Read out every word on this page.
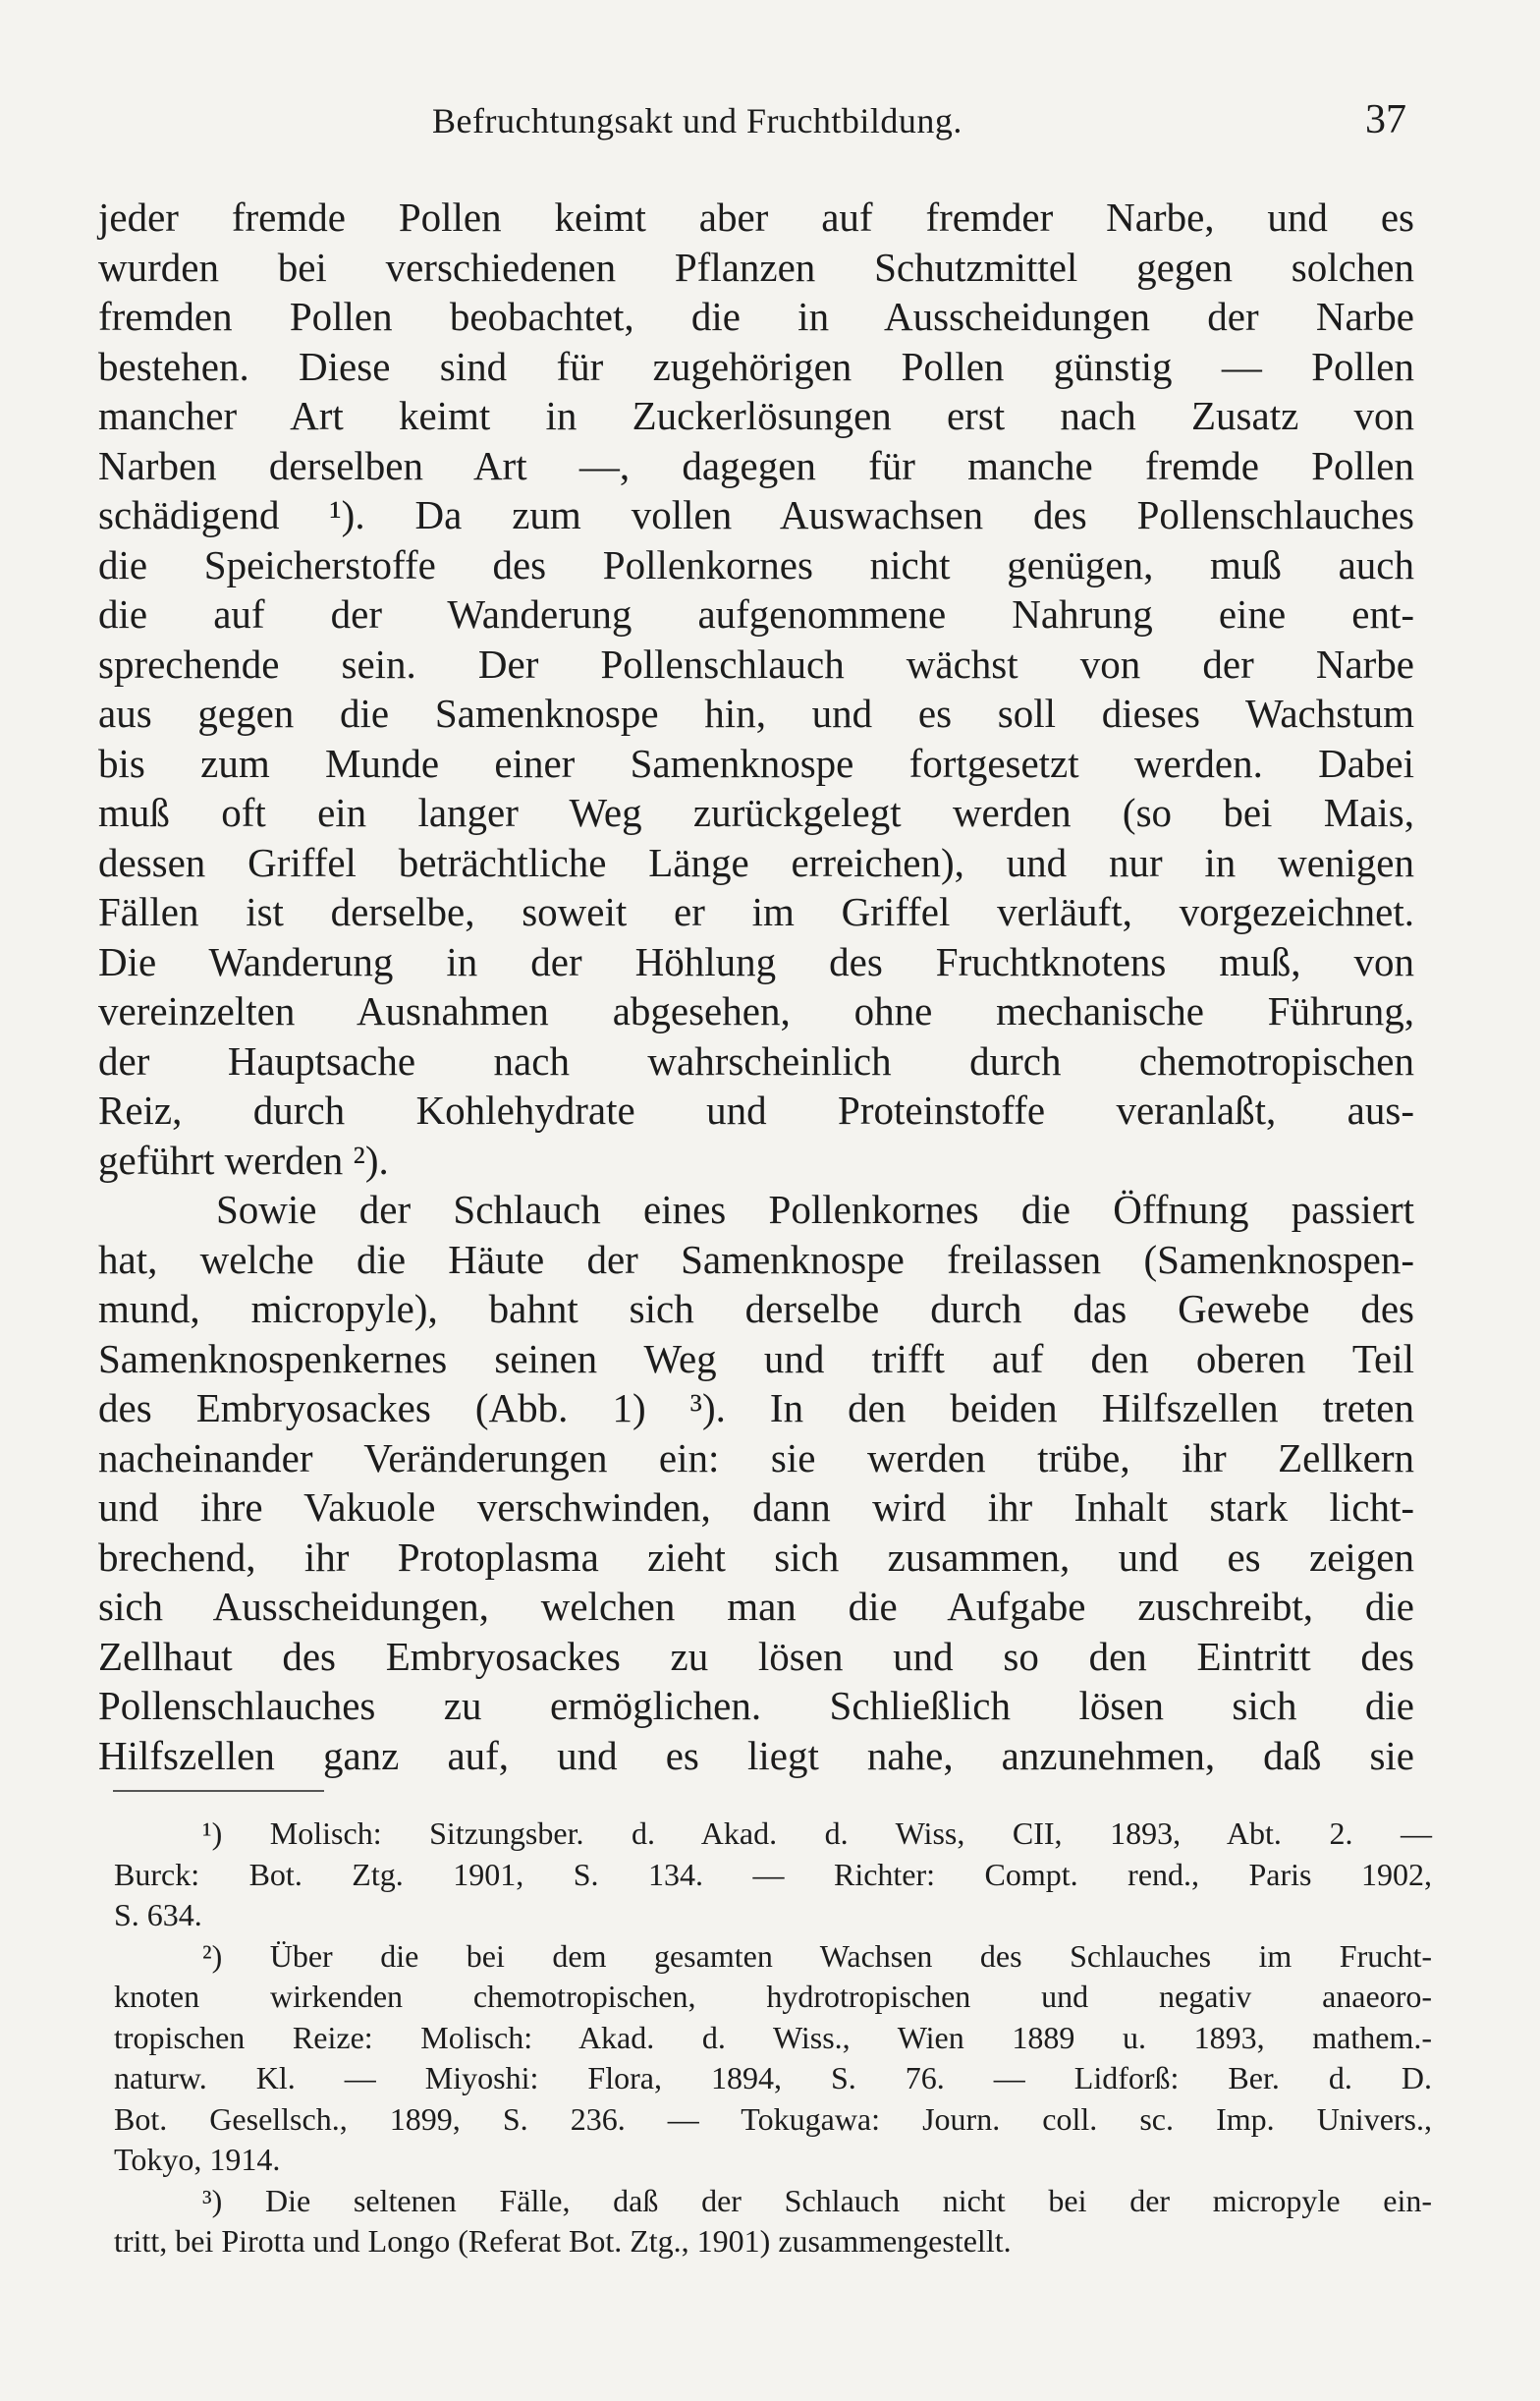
Befruchtungsakt und Fruchtbildung.	37
jeder fremde Pollen keimt aber auf fremder Narbe, und es
wurden bei verschiedenen Pflanzen Schutzmittel gegen solchen
fremden Pollen beobachtet, die in Ausscheidungen der Narbe
bestehen. Diese sind für zugehörigen Pollen günstig — Pollen
mancher Art keimt in Zuckerlösungen erst nach Zusatz von
Narben derselben Art —, dagegen für manche fremde Pollen
schädigend ¹). Da zum vollen Auswachsen des Pollenschlauches
die Speicherstoffe des Pollenkornes nicht genügen, muß auch
die auf der Wanderung aufgenommene Nahrung eine ent-
sprechende sein. Der Pollenschlauch wächst von der Narbe
aus gegen die Samenknospe hin, und es soll dieses Wachstum
bis zum Munde einer Samenknospe fortgesetzt werden. Dabei
muß oft ein langer Weg zurückgelegt werden (so bei Mais,
dessen Griffel beträchtliche Länge erreichen), und nur in wenigen
Fällen ist derselbe, soweit er im Griffel verläuft, vorgezeichnet.
Die Wanderung in der Höhlung des Fruchtknotens muß, von
vereinzelten Ausnahmen abgesehen, ohne mechanische Führung,
der Hauptsache nach wahrscheinlich durch chemotropischen
Reiz, durch Kohlehydrate und Proteinstoffe veranlaßt, aus-
geführt werden ²).
Sowie der Schlauch eines Pollenkornes die Öffnung passiert
hat, welche die Häute der Samenknospe freilassen (Samenknospen-
mund, micropyle), bahnt sich derselbe durch das Gewebe des
Samenknospenkernes seinen Weg und trifft auf den oberen Teil
des Embryosackes (Abb. 1) ³). In den beiden Hilfszellen treten
nacheinander Veränderungen ein: sie werden trübe, ihr Zellkern
und ihre Vakuole verschwinden, dann wird ihr Inhalt stark licht-
brechend, ihr Protoplasma zieht sich zusammen, und es zeigen
sich Ausscheidungen, welchen man die Aufgabe zuschreibt, die
Zellhaut des Embryosackes zu lösen und so den Eintritt des
Pollenschlauches zu ermöglichen. Schließlich lösen sich die
Hilfszellen ganz auf, und es liegt nahe, anzunehmen, daß sie
¹) Molisch: Sitzungsber. d. Akad. d. Wiss, CII, 1893, Abt. 2. —
Burck: Bot. Ztg. 1901, S. 134. — Richter: Compt. rend., Paris 1902,
S. 634.
²) Über die bei dem gesamten Wachsen des Schlauches im Frucht-
knoten wirkenden chemotropischen, hydrotropischen und negativ anaeoro-
tropischen Reize: Molisch: Akad. d. Wiss., Wien 1889 u. 1893, mathem.-
naturw. Kl. — Miyoshi: Flora, 1894, S. 76. — Lidforß: Ber. d. D.
Bot. Gesellsch., 1899, S. 236. — Tokugawa: Journ. coll. sc. Imp. Univers.,
Tokyo, 1914.
³) Die seltenen Fälle, daß der Schlauch nicht bei der micropyle ein-
tritt, bei Pirotta und Longo (Referat Bot. Ztg., 1901) zusammengestellt.
